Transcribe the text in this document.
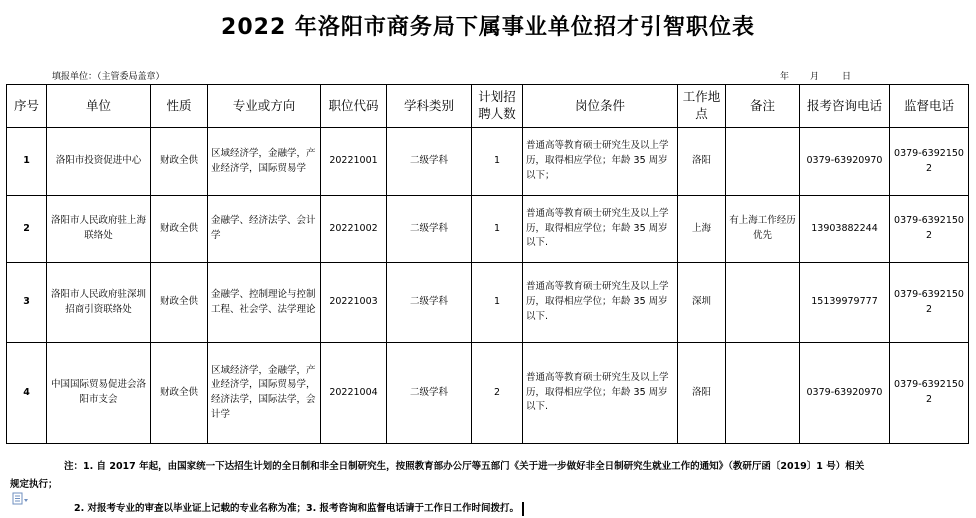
2022 年洛阳市商务局下属事业单位招才引智职位表
填报单位：（主管委局盖章）	年 月	日
序号	单位	性质	专业或方向	职位代码	学科类别	计划招聘人数	岗位条件	工作地点	备注	报考咨询电话	监督电话
1	洛阳市投资促进中心	财政全供	区域经济学，金融学，产业经济学，国际贸易学	20221001	二级学科	1	普通高等教育硕士研究生及以上学历，取得相应学位；年龄 35 周岁以下；	洛阳		0379-63920970	0379-63921502
2	洛阳市人民政府驻上海联络处	财政全供	金融学、经济法学、会计学	20221002	二级学科	1	普通高等教育硕士研究生及以上学历，取得相应学位；年龄 35 周岁以下.	上海	有上海工作经历优先	13903882244	0379-63921502
3	洛阳市人民政府驻深圳招商引资联络处	财政全供	金融学、控制理论与控制工程、社会学、法学理论	20221003	二级学科	1	普通高等教育硕士研究生及以上学历，取得相应学位；年龄 35 周岁以下.	深圳		15139979777	0379-63921502
4	中国国际贸易促进会洛阳市支会	财政全供	区域经济学，金融学，产业经济学，国际贸易学，经济法学，国际法学，会计学	20221004	二级学科	2	普通高等教育硕士研究生及以上学历，取得相应学位；年龄 35 周岁以下.	洛阳		0379-63920970	0379-63921502
注：1. 自 2017 年起，由国家统一下达招生计划的全日制和非全日制研究生，按照教育部办公厅等五部门《关于进一步做好非全日制研究生就业工作的通知》（教研厅函〔2019〕1 号）相关
规定执行；
2. 对报考专业的审查以毕业证上记载的专业名称为准；3. 报考咨询和监督电话请于工作日工作时间拨打。
